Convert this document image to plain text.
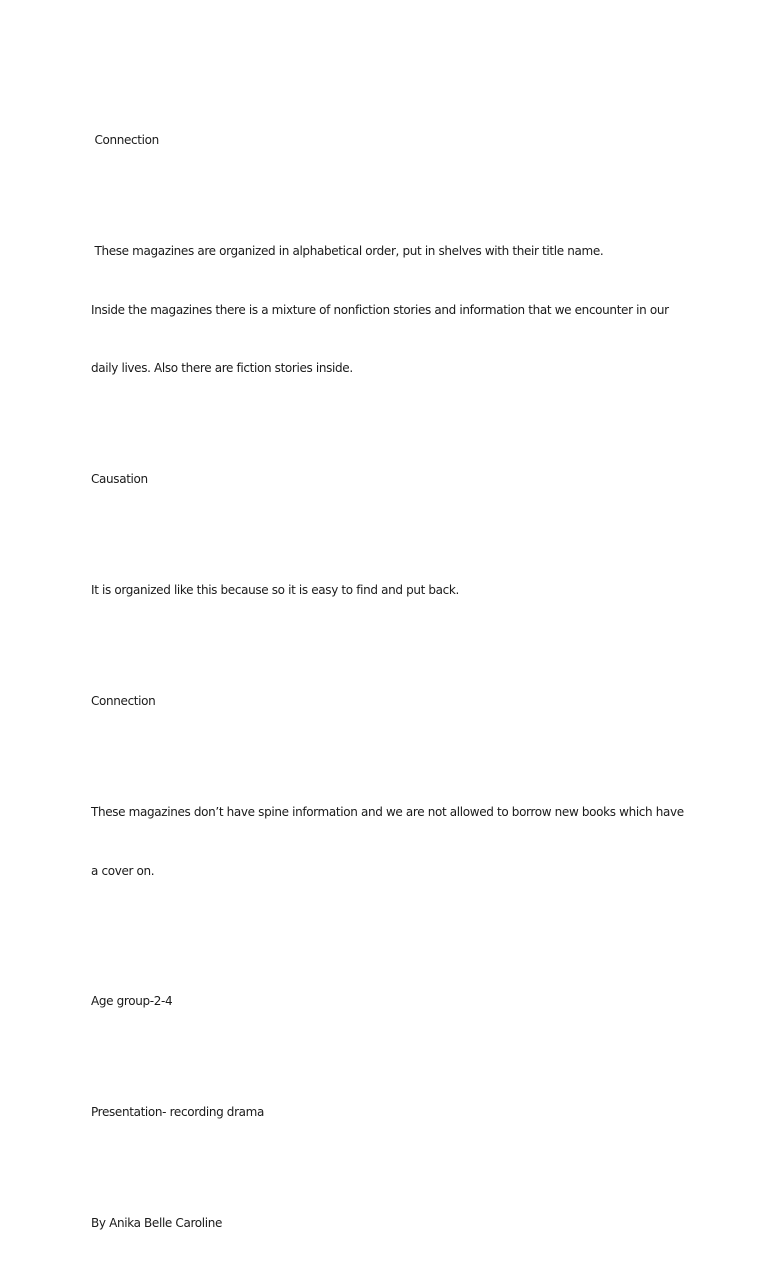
Connection

These magazines are organized in alphabetical order, put in shelves with their title name.

Inside the magazines there is a mixture of nonfiction stories and information that we encounter in our

daily lives. Also there are fiction stories inside.

Causation

It is organized like this because so it is easy to find and put back.

Connection

These magazines don’t have spine information and we are not allowed to borrow new books which have

a cover on.

Age group-2-4

Presentation- recording drama

By Anika Belle Caroline
